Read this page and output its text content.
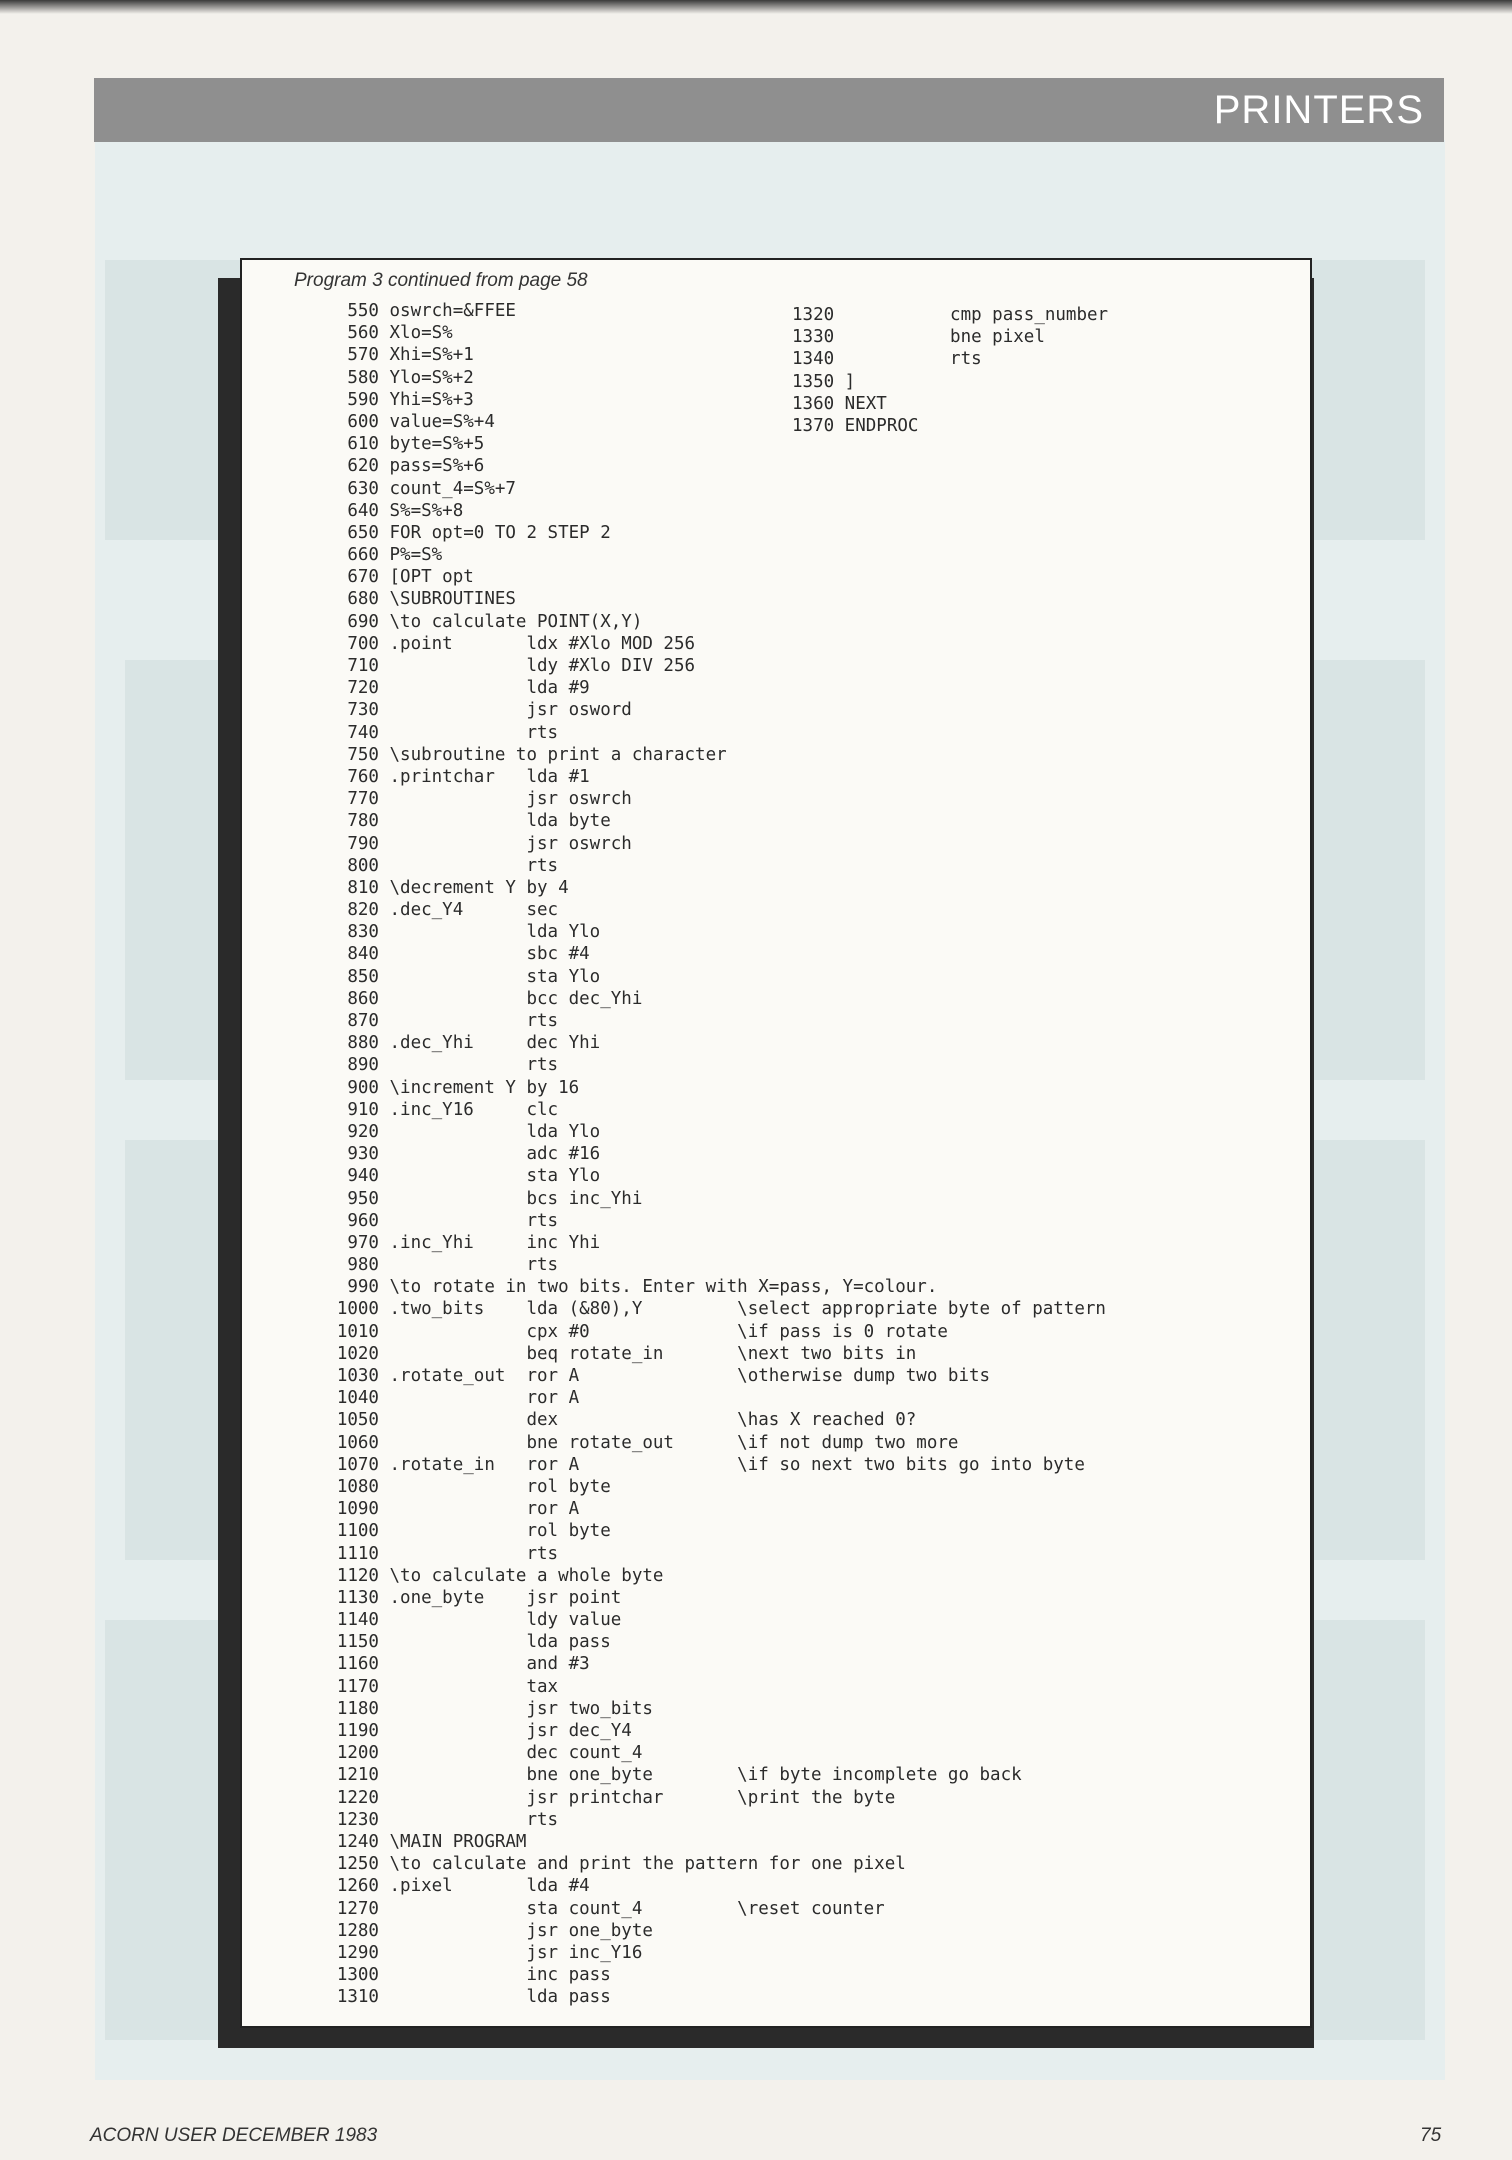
PRINTERS
Program 3 continued from page 58
550 oswrch=&FFEE
560 Xlo=S%
570 Xhi=S%+1
580 Ylo=S%+2
590 Yhi=S%+3
600 value=S%+4
610 byte=S%+5
620 pass=S%+6
630 count_4=S%+7
640 S%=S%+8
650 FOR opt=0 TO 2 STEP 2
660 P%=S%
670 [OPT opt
680 \SUBROUTINES
690 \to calculate POINT(X,Y)
700 .point       ldx #Xlo MOD 256
710              ldy #Xlo DIV 256
720              lda #9
730              jsr osword
740              rts
750 \subroutine to print a character
760 .printchar   lda #1
770              jsr oswrch
780              lda byte
790              jsr oswrch
800              rts
810 \decrement Y by 4
820 .dec_Y4      sec
830              lda Ylo
840              sbc #4
850              sta Ylo
860              bcc dec_Yhi
870              rts
880 .dec_Yhi     dec Yhi
890              rts
900 \increment Y by 16
910 .inc_Y16     clc
920              lda Ylo
930              adc #16
940              sta Ylo
950              bcs inc_Yhi
960              rts
970 .inc_Yhi     inc Yhi
980              rts
990 \to rotate in two bits. Enter with X=pass, Y=colour.
1000 .two_bits    lda (&80),Y         \select appropriate byte of pattern
1010              cpx #0              \if pass is 0 rotate
1020              beq rotate_in       \next two bits in
1030 .rotate_out  ror A               \otherwise dump two bits
1040              ror A
1050              dex                 \has X reached 0?
1060              bne rotate_out      \if not dump two more
1070 .rotate_in   ror A               \if so next two bits go into byte
1080              rol byte
1090              ror A
1100              rol byte
1110              rts
1120 \to calculate a whole byte
1130 .one_byte    jsr point
1140              ldy value
1150              lda pass
1160              and #3
1170              tax
1180              jsr two_bits
1190              jsr dec_Y4
1200              dec count_4
1210              bne one_byte        \if byte incomplete go back
1220              jsr printchar       \print the byte
1230              rts
1240 \MAIN PROGRAM
1250 \to calculate and print the pattern for one pixel
1260 .pixel       lda #4
1270              sta count_4         \reset counter
1280              jsr one_byte
1290              jsr inc_Y16
1300              inc pass
1310              lda pass
1320           cmp pass_number
1330           bne pixel
1340           rts
1350 ]
1360 NEXT
1370 ENDPROC
ACORN USER DECEMBER 1983	75
